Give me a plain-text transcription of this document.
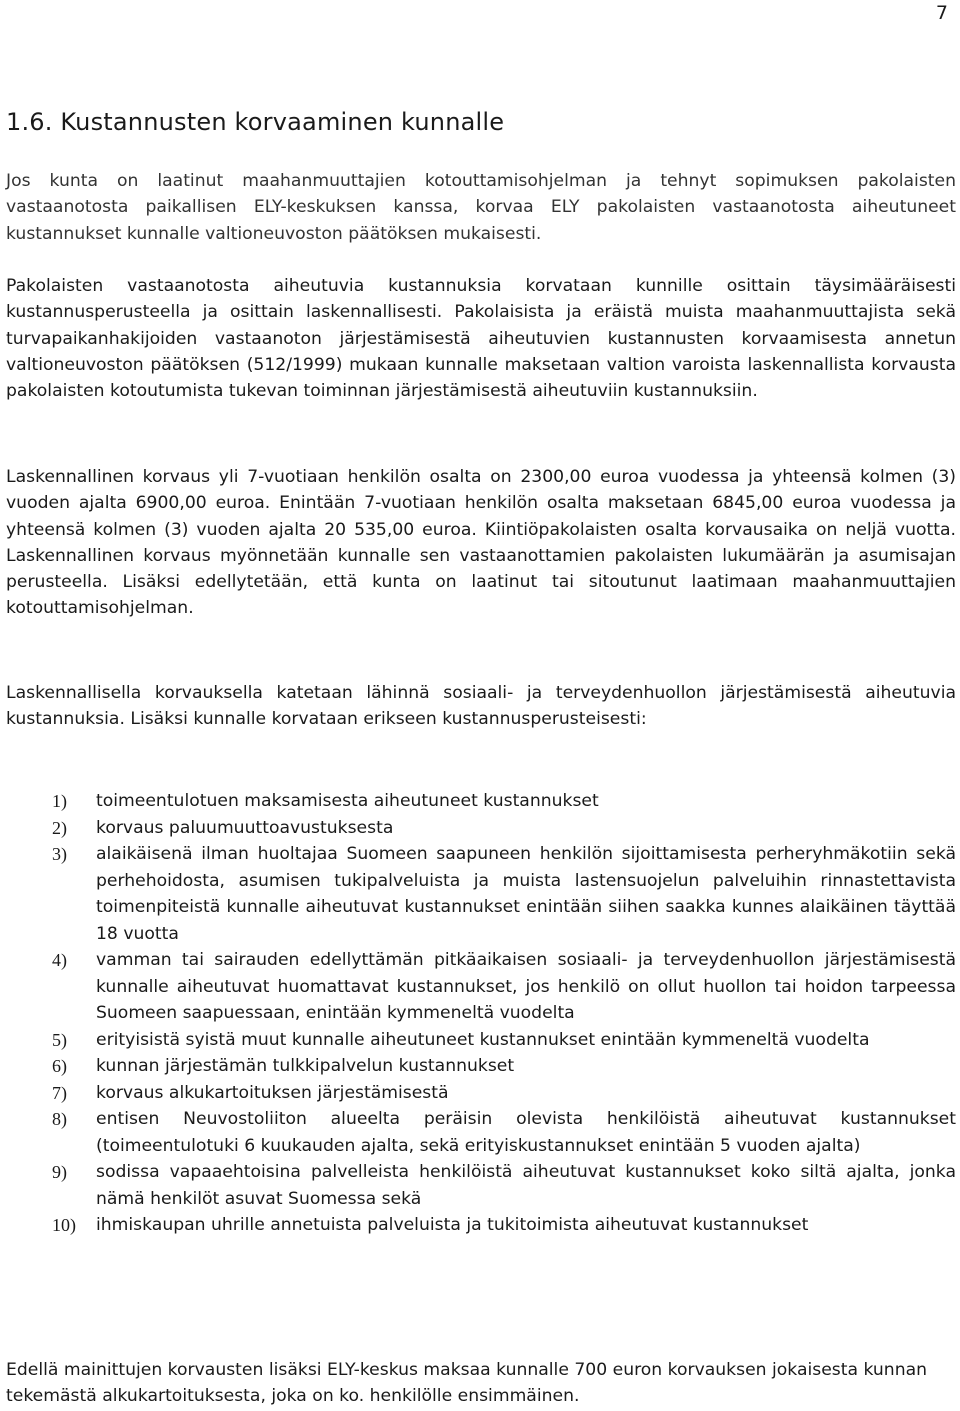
7
1.6. Kustannusten korvaaminen kunnalle

Jos kunta on laatinut maahanmuuttajien kotouttamisohjelman ja tehnyt sopimuksen pakolaisten vastaanotosta paikallisen ELY-keskuksen kanssa, korvaa ELY pakolaisten vastaanotosta aiheutuneet kustannukset kunnalle valtioneuvoston päätöksen mukaisesti.

Pakolaisten vastaanotosta aiheutuvia kustannuksia korvataan kunnille osittain täysimääräisesti kustannusperusteella ja osittain laskennallisesti. Pakolaisista ja eräistä muista maahanmuuttajista sekä turvapaikanhakijoiden vastaanoton järjestämisestä aiheutuvien kustannusten korvaamisesta annetun valtioneuvoston päätöksen (512/1999) mukaan kunnalle maksetaan valtion varoista laskennallista korvausta pakolaisten kotoutumista tukevan toiminnan järjestämisestä aiheutuviin kustannuksiin.

Laskennallinen korvaus yli 7-vuotiaan henkilön osalta on 2300,00 euroa vuodessa ja yhteensä kolmen (3) vuoden ajalta 6900,00 euroa. Enintään 7-vuotiaan henkilön osalta maksetaan 6845,00 euroa vuodessa ja yhteensä kolmen (3) vuoden ajalta 20 535,00 euroa. Kiintiöpakolaisten osalta korvausaika on neljä vuotta. Laskennallinen korvaus myönnetään kunnalle sen vastaanottamien pakolaisten lukumäärän ja asumisajan perusteella. Lisäksi edellytetään, että kunta on laatinut tai sitoutunut laatimaan maahanmuuttajien kotouttamisohjelman.

Laskennallisella korvauksella katetaan lähinnä sosiaali- ja terveydenhuollon järjestämisestä aiheutuvia kustannuksia. Lisäksi kunnalle korvataan erikseen kustannusperusteisesti:

1) toimeentulotuen maksamisesta aiheutuneet kustannukset
2) korvaus paluumuuttoavustuksesta
3) alaikäisenä ilman huoltajaa Suomeen saapuneen henkilön sijoittamisesta perheryhmäkotiin sekä perhehoidosta, asumisen tukipalveluista ja muista lastensuojelun palveluihin rinnastettavista toimenpiteistä kunnalle aiheutuvat kustannukset enintään siihen saakka kunnes alaikäinen täyttää 18 vuotta
4) vamman tai sairauden edellyttämän pitkäaikaisen sosiaali- ja terveydenhuollon järjestämisestä kunnalle aiheutuvat huomattavat kustannukset, jos henkilö on ollut huollon tai hoidon tarpeessa Suomeen saapuessaan, enintään kymmeneltä vuodelta
5) erityisistä syistä muut kunnalle aiheutuneet kustannukset enintään kymmeneltä vuodelta
6) kunnan järjestämän tulkkipalvelun kustannukset
7) korvaus alkukartoituksen järjestämisestä
8) entisen Neuvostoliiton alueelta peräisin olevista henkilöistä aiheutuvat kustannukset (toimeentulotuki 6 kuukauden ajalta, sekä erityiskustannukset enintään 5 vuoden ajalta)
9) sodissa vapaaehtoisina palvelleista henkilöistä aiheutuvat kustannukset koko siltä ajalta, jonka nämä henkilöt asuvat Suomessa sekä
10) ihmiskaupan uhrille annetuista palveluista ja tukitoimista aiheutuvat kustannukset

Edellä mainittujen korvausten lisäksi ELY-keskus maksaa kunnalle 700 euron korvauksen jokaisesta kunnan tekemästä alkukartoituksesta, joka on ko. henkilölle ensimmäinen.
